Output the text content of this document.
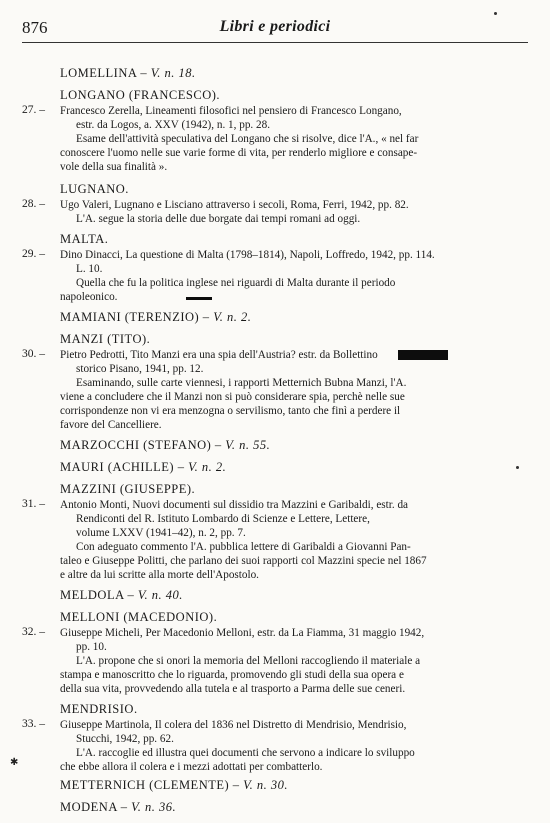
876	Libri e periodici
LOMELLINA – V. n. 18.
LONGANO (FRANCESCO).
27. – Francesco Zerella, Lineamenti filosofici nel pensiero di Francesco Longano,
estr. da Logos, a. XXV (1942), n. 1, pp. 28.
Esame dell'attività speculativa del Longano che si risolve, dice l'A., « nel far
conoscere l'uomo nelle sue varie forme di vita, per renderlo migliore e consape-
vole della sua finalità ».
LUGNANO.
28. – Ugo Valeri, Lugnano e Lisciano attraverso i secoli, Roma, Ferri, 1942, pp. 82.
L'A. segue la storia delle due borgate dai tempi romani ad oggi.
MALTA.
29. – Dino Dinacci, La questione di Malta (1798–1814), Napoli, Loffredo, 1942, pp. 114.
L. 10.
Quella che fu la politica inglese nei riguardi di Malta durante il periodo
napoleonico.
MAMIANI (TERENZIO) – V. n. 2.
MANZI (TITO).
30. – Pietro Pedrotti, Tito Manzi era una spia dell'Austria? estr. da Bollettino
storico Pisano, 1941, pp. 12.
Esaminando, sulle carte viennesi, i rapporti Metternich Bubna Manzi, l'A.
viene a concludere che il Manzi non si può considerare spia, perchè nelle sue
corrispondenze non vi era menzogna o servilismo, tanto che finì a perdere il
favore del Cancelliere.
MARZOCCHI (STEFANO) – V. n. 55.
MAURI (ACHILLE) – V. n. 2.
MAZZINI (GIUSEPPE).
31. – Antonio Monti, Nuovi documenti sul dissidio tra Mazzini e Garibaldi, estr. da
Rendiconti del R. Istituto Lombardo di Scienze e Lettere, Lettere,
volume LXXV (1941–42), n. 2, pp. 7.
Con adeguato commento l'A. pubblica lettere di Garibaldi a Giovanni Pan-
taleo e Giuseppe Politti, che parlano dei suoi rapporti col Mazzini specie nel 1867
e altre da lui scritte alla morte dell'Apostolo.
MELDOLA – V. n. 40.
MELLONI (MACEDONIO).
32. – Giuseppe Micheli, Per Macedonio Melloni, estr. da La Fiamma, 31 maggio 1942,
pp. 10.
L'A. propone che si onori la memoria del Melloni raccogliendo il materiale a
stampa e manoscritto che lo riguarda, promovendo gli studi della sua opera e
della sua vita, provvedendo alla tutela e al trasporto a Parma delle sue ceneri.
MENDRISIO.
33. – Giuseppe Martinola, Il colera del 1836 nel Distretto di Mendrisio, Mendrisio,
Stucchi, 1942, pp. 62.
L'A. raccoglie ed illustra quei documenti che servono a indicare lo sviluppo
che ebbe allora il colera e i mezzi adottati per combatterlo.
✱
METTERNICH (CLEMENTE) – V. n. 30.
MODENA – V. n. 36.
